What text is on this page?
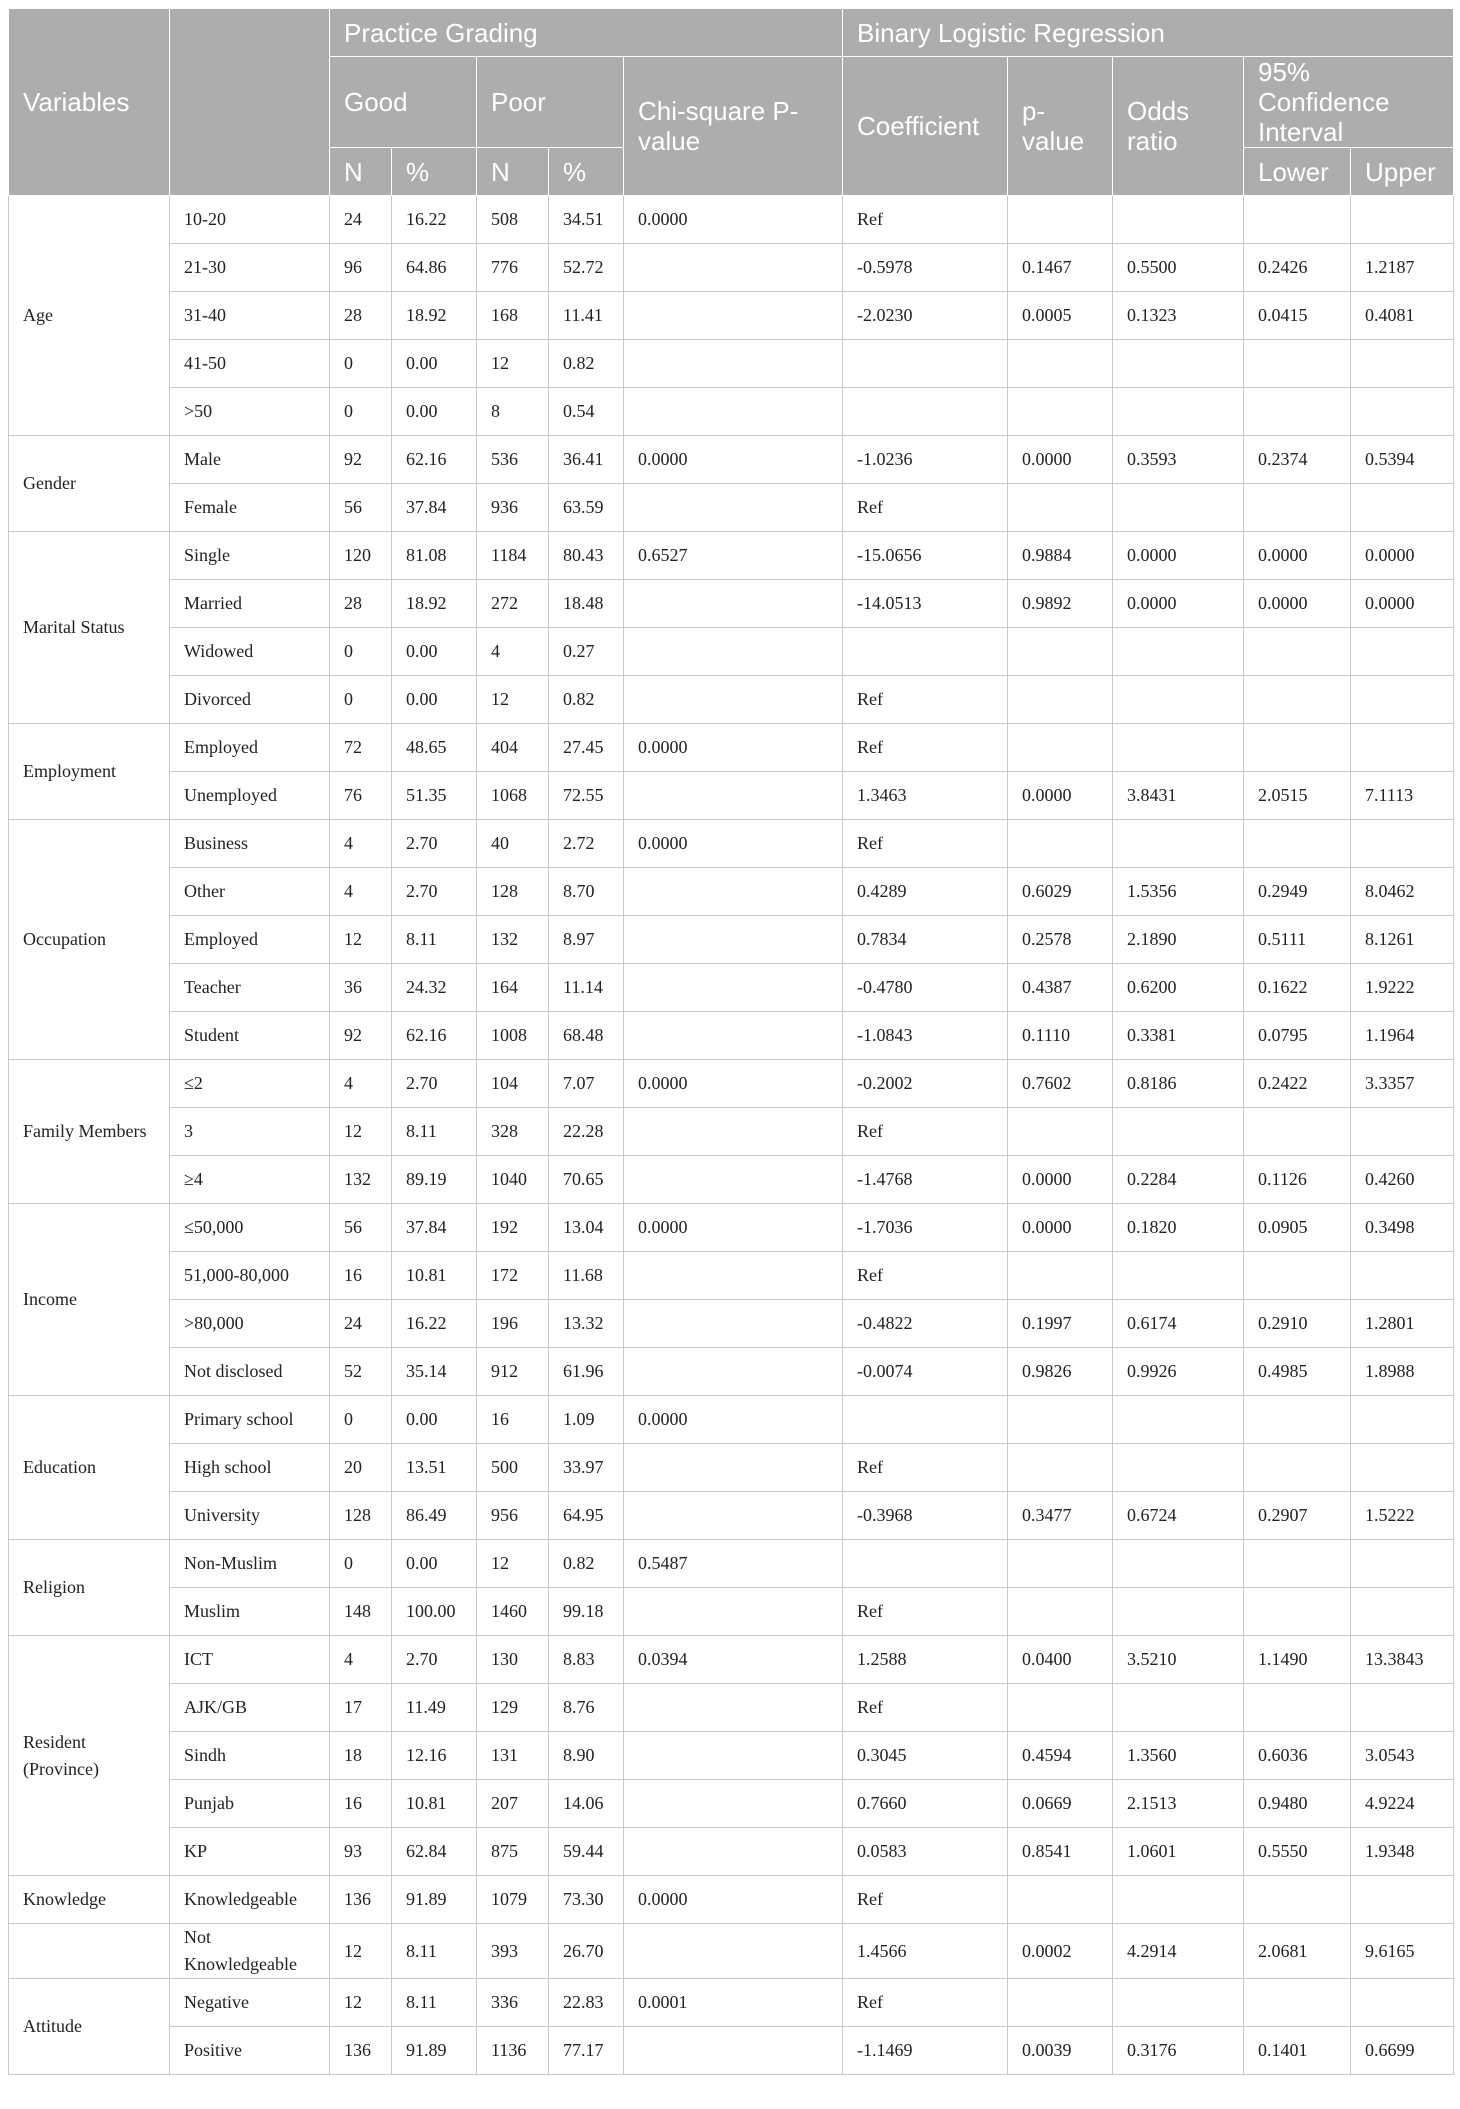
Variables		Practice Grading					Binary Logistic Regression				
		Good		Poor		Chi-square P-value	Coefficient	p-value	Odds ratio	95% Confidence Interval	
		N	%	N	%					Lower	Upper
Age	10-20	24	16.22	508	34.51	0.0000	Ref				
	21-30	96	64.86	776	52.72		-0.5978	0.1467	0.5500	0.2426	1.2187
	31-40	28	18.92	168	11.41		-2.0230	0.0005	0.1323	0.0415	0.4081
	41-50	0	0.00	12	0.82						
	>50	0	0.00	8	0.54						
Gender	Male	92	62.16	536	36.41	0.0000	-1.0236	0.0000	0.3593	0.2374	0.5394
	Female	56	37.84	936	63.59		Ref				
Marital Status	Single	120	81.08	1184	80.43	0.6527	-15.0656	0.9884	0.0000	0.0000	0.0000
	Married	28	18.92	272	18.48		-14.0513	0.9892	0.0000	0.0000	0.0000
	Widowed	0	0.00	4	0.27						
	Divorced	0	0.00	12	0.82		Ref				
Employment	Employed	72	48.65	404	27.45	0.0000	Ref				
	Unemployed	76	51.35	1068	72.55		1.3463	0.0000	3.8431	2.0515	7.1113
Occupation	Business	4	2.70	40	2.72	0.0000	Ref				
	Other	4	2.70	128	8.70		0.4289	0.6029	1.5356	0.2949	8.0462
	Employed	12	8.11	132	8.97		0.7834	0.2578	2.1890	0.5111	8.1261
	Teacher	36	24.32	164	11.14		-0.4780	0.4387	0.6200	0.1622	1.9222
	Student	92	62.16	1008	68.48		-1.0843	0.1110	0.3381	0.0795	1.1964
Family Members	≤2	4	2.70	104	7.07	0.0000	-0.2002	0.7602	0.8186	0.2422	3.3357
	3	12	8.11	328	22.28		Ref				
	≥4	132	89.19	1040	70.65		-1.4768	0.0000	0.2284	0.1126	0.4260
Income	≤50,000	56	37.84	192	13.04	0.0000	-1.7036	0.0000	0.1820	0.0905	0.3498
	51,000-80,000	16	10.81	172	11.68		Ref				
	>80,000	24	16.22	196	13.32		-0.4822	0.1997	0.6174	0.2910	1.2801
	Not disclosed	52	35.14	912	61.96		-0.0074	0.9826	0.9926	0.4985	1.8988
Education	Primary school	0	0.00	16	1.09	0.0000					
	High school	20	13.51	500	33.97		Ref				
	University	128	86.49	956	64.95		-0.3968	0.3477	0.6724	0.2907	1.5222
Religion	Non-Muslim	0	0.00	12	0.82	0.5487					
	Muslim	148	100.00	1460	99.18		Ref				
Resident (Province)	ICT	4	2.70	130	8.83	0.0394	1.2588	0.0400	3.5210	1.1490	13.3843
	AJK/GB	17	11.49	129	8.76		Ref				
	Sindh	18	12.16	131	8.90		0.3045	0.4594	1.3560	0.6036	3.0543
	Punjab	16	10.81	207	14.06		0.7660	0.0669	2.1513	0.9480	4.9224
	KP	93	62.84	875	59.44		0.0583	0.8541	1.0601	0.5550	1.9348
Knowledge	Knowledgeable	136	91.89	1079	73.30	0.0000	Ref				
	Not Knowledgeable	12	8.11	393	26.70		1.4566	0.0002	4.2914	2.0681	9.6165
Attitude	Negative	12	8.11	336	22.83	0.0001	Ref				
	Positive	136	91.89	1136	77.17		-1.1469	0.0039	0.3176	0.1401	0.6699
